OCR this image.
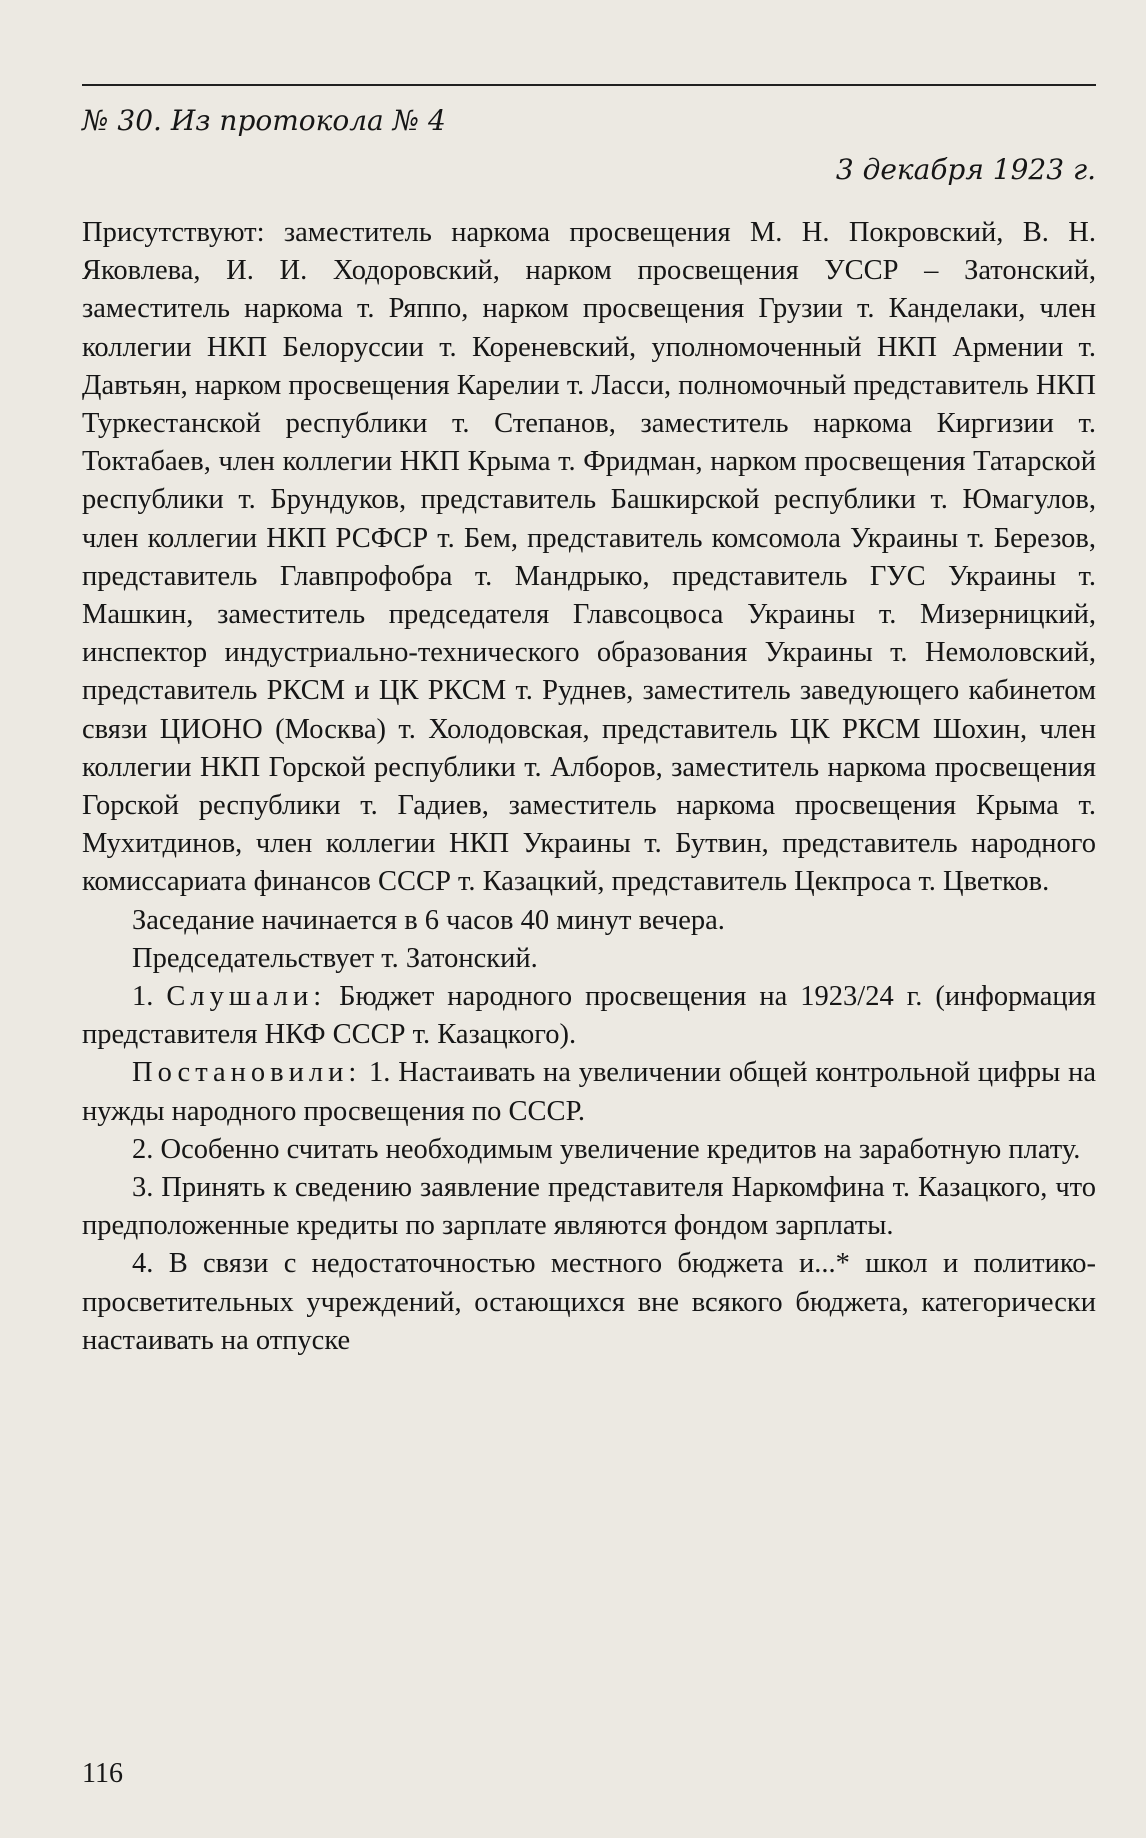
№ 30. Из протокола № 4
3 декабря 1923 г.

Присутствуют: заместитель наркома просвещения М. Н. Покровский, В. Н. Яковлева, И. И. Ходоровский, нарком просвещения УССР – Затонский, заместитель наркома т. Ряппо, нарком просвещения Грузии т. Канделаки, член коллегии НКП Белоруссии т. Кореневский, уполномоченный НКП Армении т. Давтьян, нарком просвещения Карелии т. Ласси, полномочный представитель НКП Туркестанской республики т. Степанов, заместитель наркома Киргизии т. Токтабаев, член коллегии НКП Крыма т. Фридман, нарком просвещения Татарской республики т. Брундуков, представитель Башкирской республики т. Юмагулов, член коллегии НКП РСФСР т. Бем, представитель комсомола Украины т. Березов, представитель Главпрофобра т. Мандрыко, представитель ГУС Украины т. Машкин, заместитель председателя Главсоцвоса Украины т. Мизерницкий, инспектор индустриально-технического образования Украины т. Немоловский, представитель РКСМ и ЦК РКСМ т. Руднев, заместитель заведующего кабинетом связи ЦИОНО (Москва) т. Холодовская, представитель ЦК РКСМ Шохин, член коллегии НКП Горской республики т. Алборов, заместитель наркома просвещения Горской республики т. Гадиев, заместитель наркома просвещения Крыма т. Мухитдинов, член коллегии НКП Украины т. Бутвин, представитель народного комиссариата финансов СССР т. Казацкий, представитель Цекпроса т. Цветков.

Заседание начинается в 6 часов 40 минут вечера.

Председательствует т. Затонский.

1. Слушали: Бюджет народного просвещения на 1923/24 г. (информация представителя НКФ СССР т. Казацкого).

Постановили: 1. Настаивать на увеличении общей контрольной цифры на нужды народного просвещения по СССР.

2. Особенно считать необходимым увеличение кредитов на заработную плату.

3. Принять к сведению заявление представителя Наркомфина т. Казацкого, что предположенные кредиты по зарплате являются фондом зарплаты.

4. В связи с недостаточностью местного бюджета и...* школ и политико-просветительных учреждений, остающихся вне всякого бюджета, категорически настаивать на отпуске

116
